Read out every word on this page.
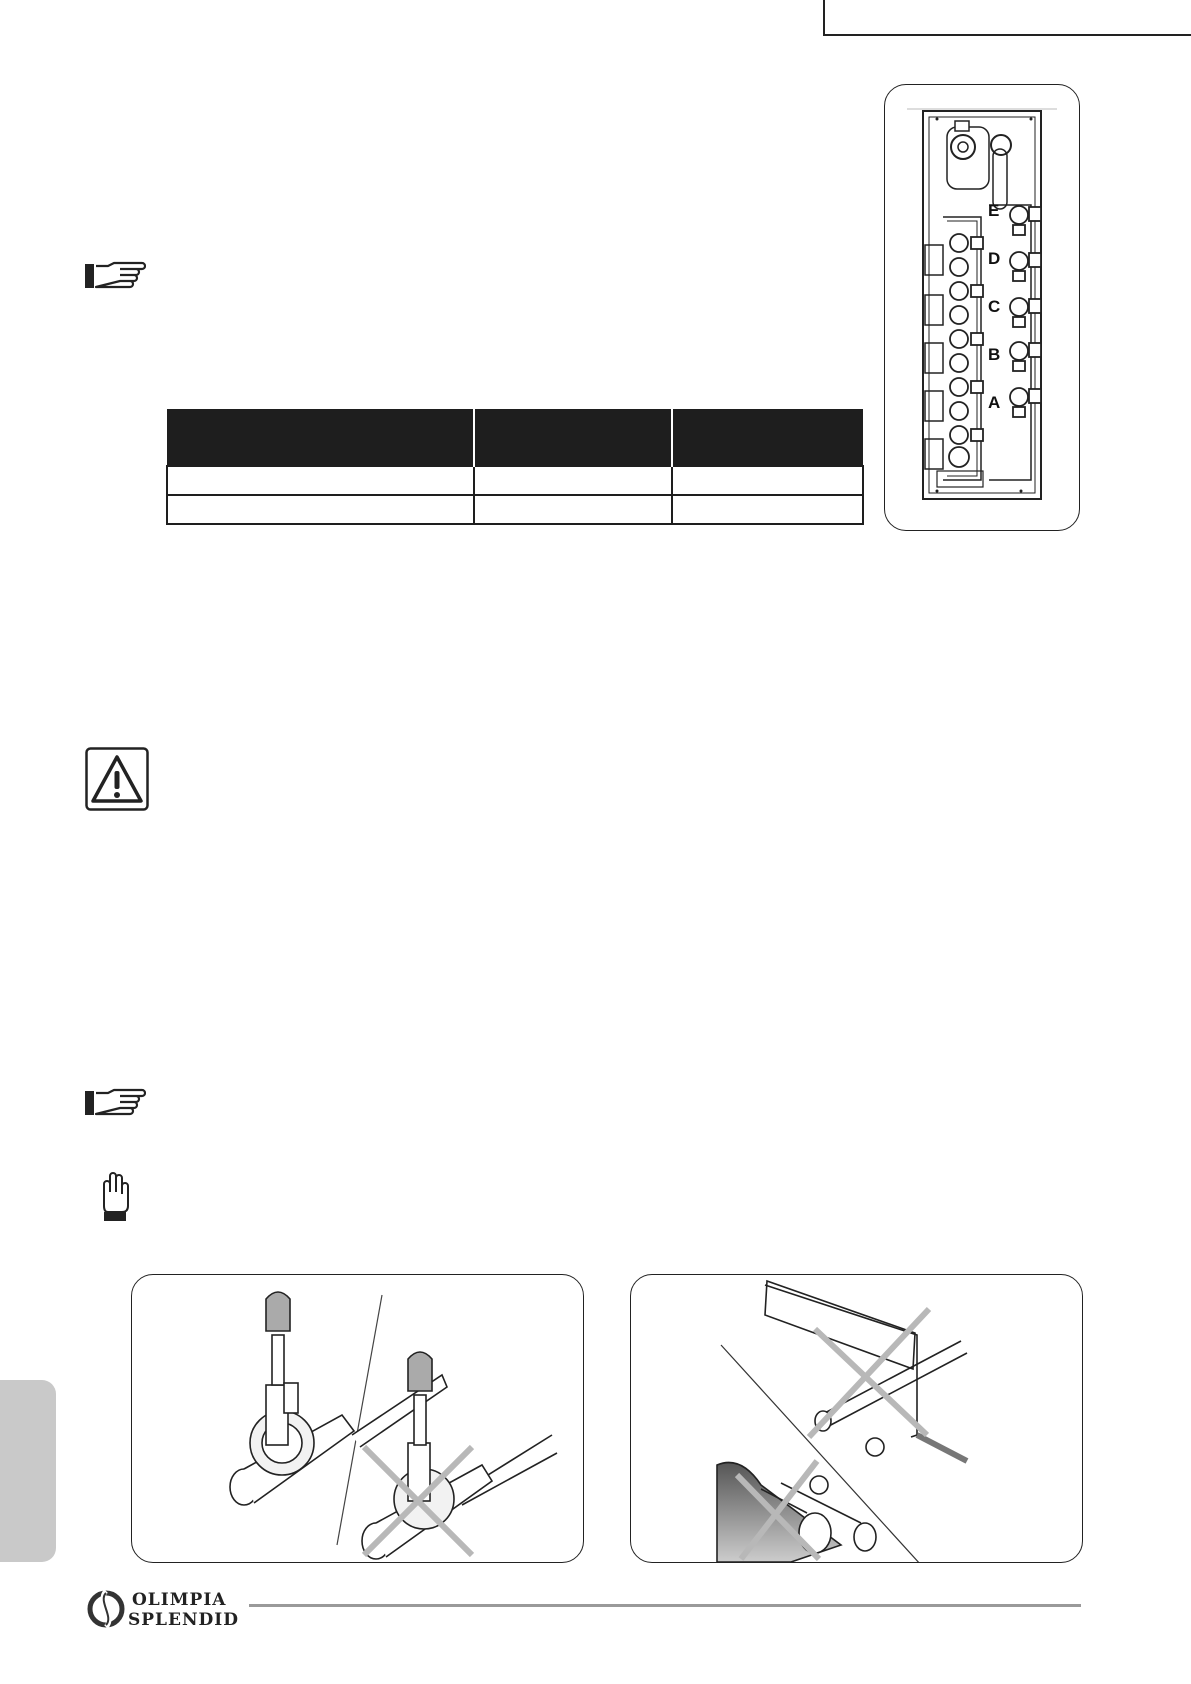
E
D
C
B
A
OLIMPIA
SPLENDID
